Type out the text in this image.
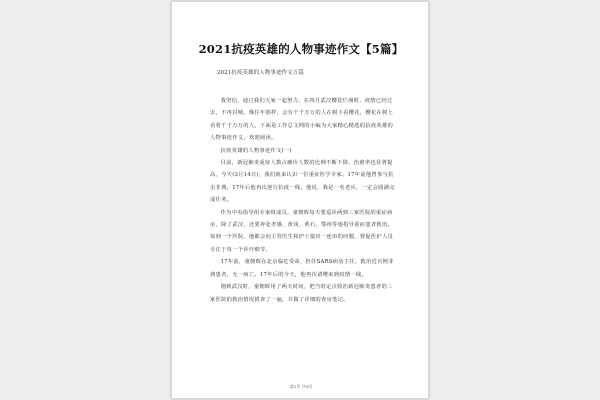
2021抗疫英雄的人物事迹作文【5篇】
2021抗疫英雄的人物事迹作文五篇

我坚信，通过我们大家一起努力，在四月武汉樱花烂漫时，疫情已经过去，不再封城，像往年那样，会有千千万万的人在树下看樱花，樱花在树上看着千千万万的人。下面是工作总文网的小编为大家精心精选的抗疫英雄的人物事迹作文，欢迎阅读。

抗疫英雄的人物事迹作文(一)

目前，新冠肺炎重症人数占确诊人数的比例不断下降，治愈率也显著提高。今天(3月14日)，我们就来认识一位重症医学专家。17年前他曾参与抗击非典，17年后他再次逆行抗疫一线，他说，我是一名老兵，一定会圆满完成任务。

作为中央指导组专家组成员，童朝晖每天要巡诊两到三家医院的重症病房，除了武汉，还要奔赴孝感、黄冈、黄石、鄂州等地指导重症患者救治。每到一个医院，他都会向主管医生和护士提出一连串的问题，督促医护人员专注于每一个诊疗细节。

17年前，童朝晖在北京临危受命，担任SARS病房主任，救治近百例非典患者，无一病亡。17年后的今天，他再次请缨来到疫情一线。

刚到武汉时，童朝晖用了两天时间，把当时定点收治新冠肺炎患者的三家医院的救治情况摸查了一遍，并做了详细的查房笔记。

第2页 共9页
